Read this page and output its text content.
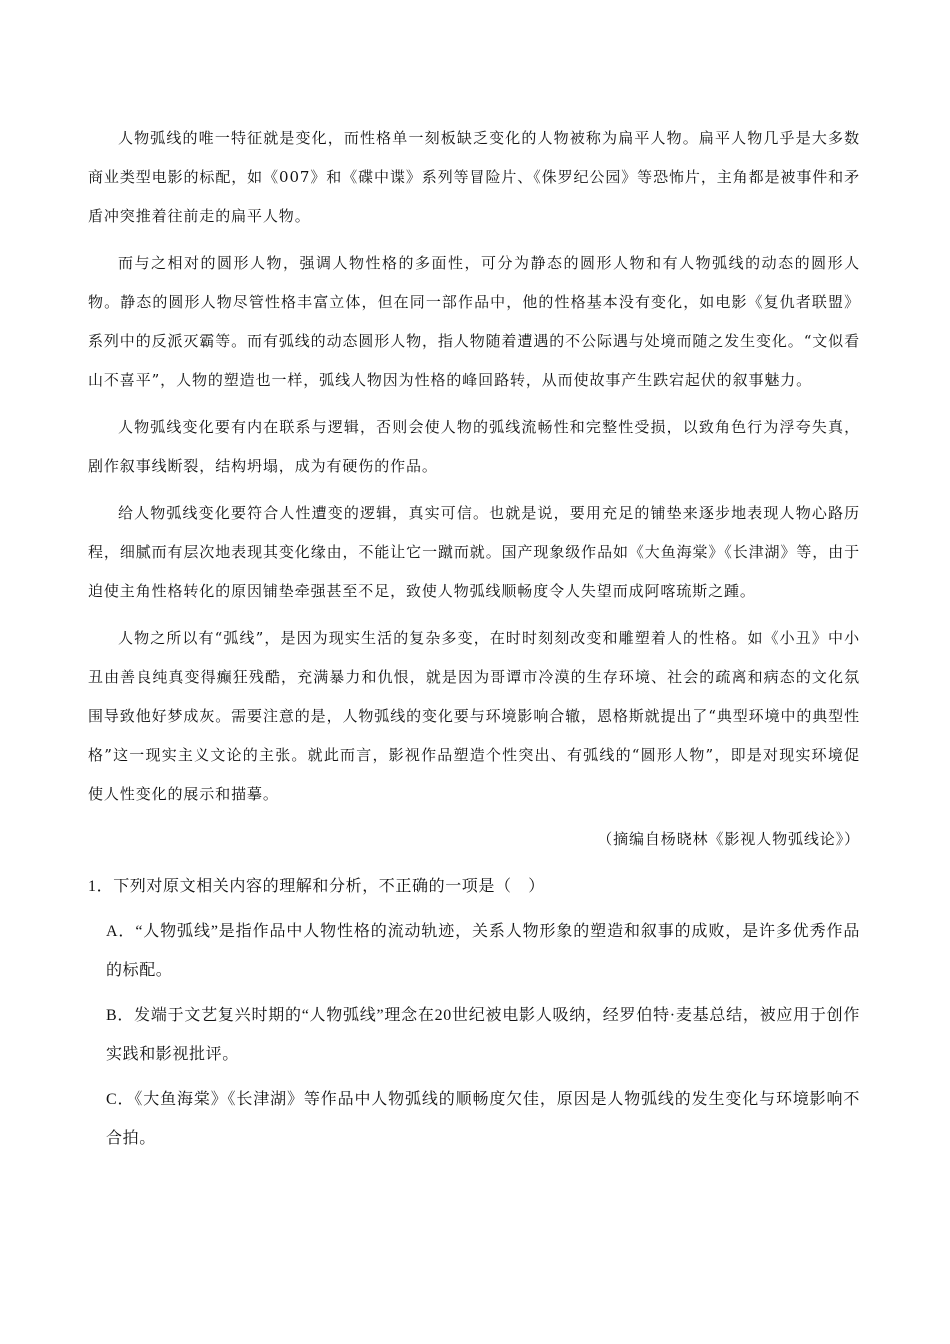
人物弧线的唯一特征就是变化，而性格单一刻板缺乏变化的人物被称为扁平人物。扁平人物几乎是大多数商业类型电影的标配，如《007》和《碟中谍》系列等冒险片、《侏罗纪公园》等恐怖片，主角都是被事件和矛盾冲突推着往前走的扁平人物。

而与之相对的圆形人物，强调人物性格的多面性，可分为静态的圆形人物和有人物弧线的动态的圆形人物。静态的圆形人物尽管性格丰富立体，但在同一部作品中，他的性格基本没有变化，如电影《复仇者联盟》系列中的反派灭霸等。而有弧线的动态圆形人物，指人物随着遭遇的不公际遇与处境而随之发生变化。“文似看山不喜平”，人物的塑造也一样，弧线人物因为性格的峰回路转，从而使故事产生跌宕起伏的叙事魅力。

人物弧线变化要有内在联系与逻辑，否则会使人物的弧线流畅性和完整性受损，以致角色行为浮夸失真，剧作叙事线断裂，结构坍塌，成为有硬伤的作品。

给人物弧线变化要符合人性遭变的逻辑，真实可信。也就是说，要用充足的铺垫来逐步地表现人物心路历程，细腻而有层次地表现其变化缘由，不能让它一蹴而就。国产现象级作品如《大鱼海棠》《长津湖》等，由于迫使主角性格转化的原因铺垫牵强甚至不足，致使人物弧线顺畅度令人失望而成阿喀琉斯之踵。

人物之所以有“弧线”，是因为现实生活的复杂多变，在时时刻刻改变和雕塑着人的性格。如《小丑》中小丑由善良纯真变得癫狂残酷，充满暴力和仇恨，就是因为哥谭市冷漠的生存环境、社会的疏离和病态的文化氛围导致他好梦成灰。需要注意的是，人物弧线的变化要与环境影响合辙，恩格斯就提出了“典型环境中的典型性格”这一现实主义文论的主张。就此而言，影视作品塑造个性突出、有弧线的“圆形人物”，即是对现实环境促使人性变化的展示和描摹。

（摘编自杨晓林《影视人物弧线论》）
1．下列对原文相关内容的理解和分析，不正确的一项是（　）
A．“人物弧线”是指作品中人物性格的流动轨迹，关系人物形象的塑造和叙事的成败，是许多优秀作品的标配。
B．发端于文艺复兴时期的“人物弧线”理念在20世纪被电影人吸纳，经罗伯特·麦基总结，被应用于创作实践和影视批评。
C．《大鱼海棠》《长津湖》等作品中人物弧线的顺畅度欠佳，原因是人物弧线的发生变化与环境影响不合拍。
